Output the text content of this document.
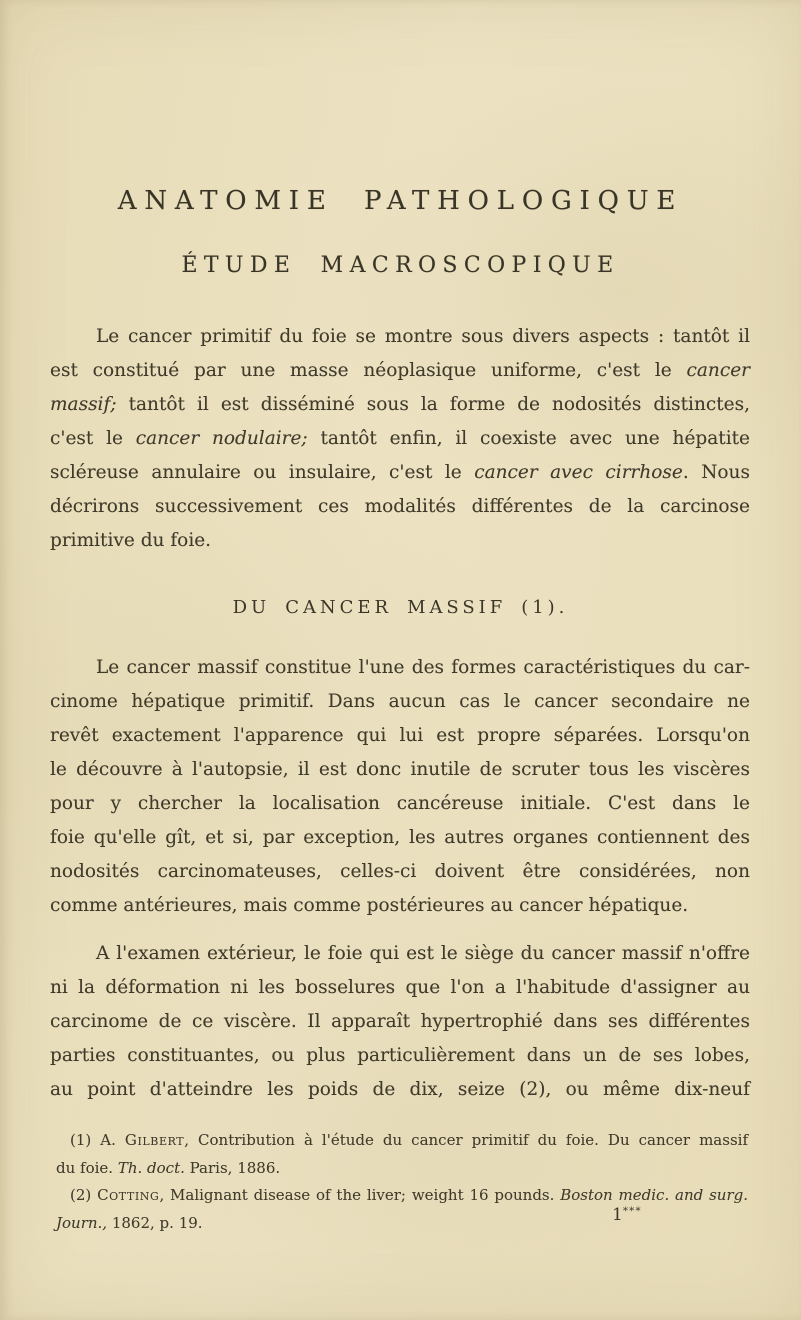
ANATOMIE PATHOLOGIQUE
ÉTUDE MACROSCOPIQUE
Le cancer primitif du foie se montre sous divers aspects : tantôt il
est constitué par une masse néoplasique uniforme, c'est le cancer
massif; tantôt il est disséminé sous la forme de nodosités distinctes,
c'est le cancer nodulaire; tantôt enfin, il coexiste avec une hépatite
scléreuse annulaire ou insulaire, c'est le cancer avec cirrhose. Nous
décrirons successivement ces modalités différentes de la carcinose
primitive du foie.
DU CANCER MASSIF (1).
Le cancer massif constitue l'une des formes caractéristiques du car-
cinome hépatique primitif. Dans aucun cas le cancer secondaire ne
revêt exactement l'apparence qui lui est propre séparées. Lorsqu'on
le découvre à l'autopsie, il est donc inutile de scruter tous les viscères
pour y chercher la localisation cancéreuse initiale. C'est dans le
foie qu'elle gît, et si, par exception, les autres organes contiennent des
nodosités carcinomateuses, celles-ci doivent être considérées, non
comme antérieures, mais comme postérieures au cancer hépatique.
A l'examen extérieur, le foie qui est le siège du cancer massif n'offre
ni la déformation ni les bosselures que l'on a l'habitude d'assigner au
carcinome de ce viscère. Il apparaît hypertrophié dans ses différentes
parties constituantes, ou plus particulièrement dans un de ses lobes,
au point d'atteindre les poids de dix, seize (2), ou même dix-neuf
(1) A. Gilbert, Contribution à l'étude du cancer primitif du foie. Du cancer massif
du foie. Th. doct. Paris, 1886.
(2) Cotting, Malignant disease of the liver; weight 16 pounds. Boston medic. and surg.
Journ., 1862, p. 19.	1***
